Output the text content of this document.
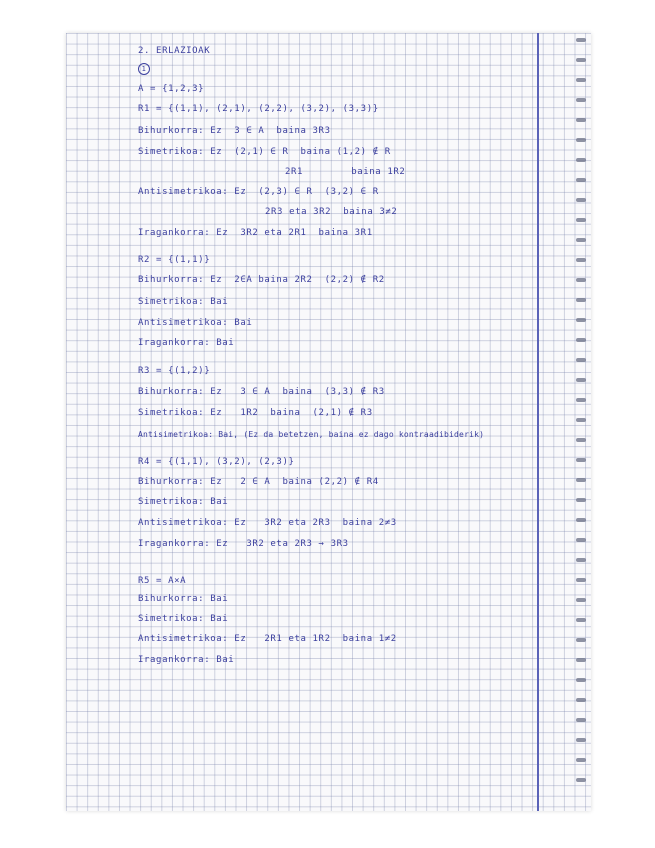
2. ERLAZIOAK
1
A = {1,2,3}
R1 = {(1,1), (2,1), (2,2), (3,2), (3,3)}
Bihurkorra: Ez  3 ∈ A  baina 3R3
Simetrikoa: Ez  (2,1) ∈ R  baina (1,2) ∉ R
2R1        baina 1R2
Antisimetrikoa: Ez  (2,3) ∈ R  (3,2) ∈ R
2R3 eta 3R2  baina 3≠2
Iragankorra: Ez  3R2 eta 2R1  baina 3R1
R2 = {(1,1)}
Bihurkorra: Ez  2∈A baina 2R2  (2,2) ∉ R2
Simetrikoa: Bai
Antisimetrikoa: Bai
Iragankorra: Bai
R3 = {(1,2)}
Bihurkorra: Ez   3 ∈ A  baina  (3,3) ∉ R3
Simetrikoa: Ez   1R2  baina  (2,1) ∉ R3
Antisimetrikoa: Bai, (Ez da betetzen, baina ez dago kontraadibiderik)
R4 = {(1,1), (3,2), (2,3)}
Bihurkorra: Ez   2 ∈ A  baina (2,2) ∉ R4
Simetrikoa: Bai
Antisimetrikoa: Ez   3R2 eta 2R3  baina 2≠3
Iragankorra: Ez   3R2 eta 2R3 → 3R3
R5 = A×A
Bihurkorra: Bai
Simetrikoa: Bai
Antisimetrikoa: Ez   2R1 eta 1R2  baina 1≠2
Iragankorra: Bai
